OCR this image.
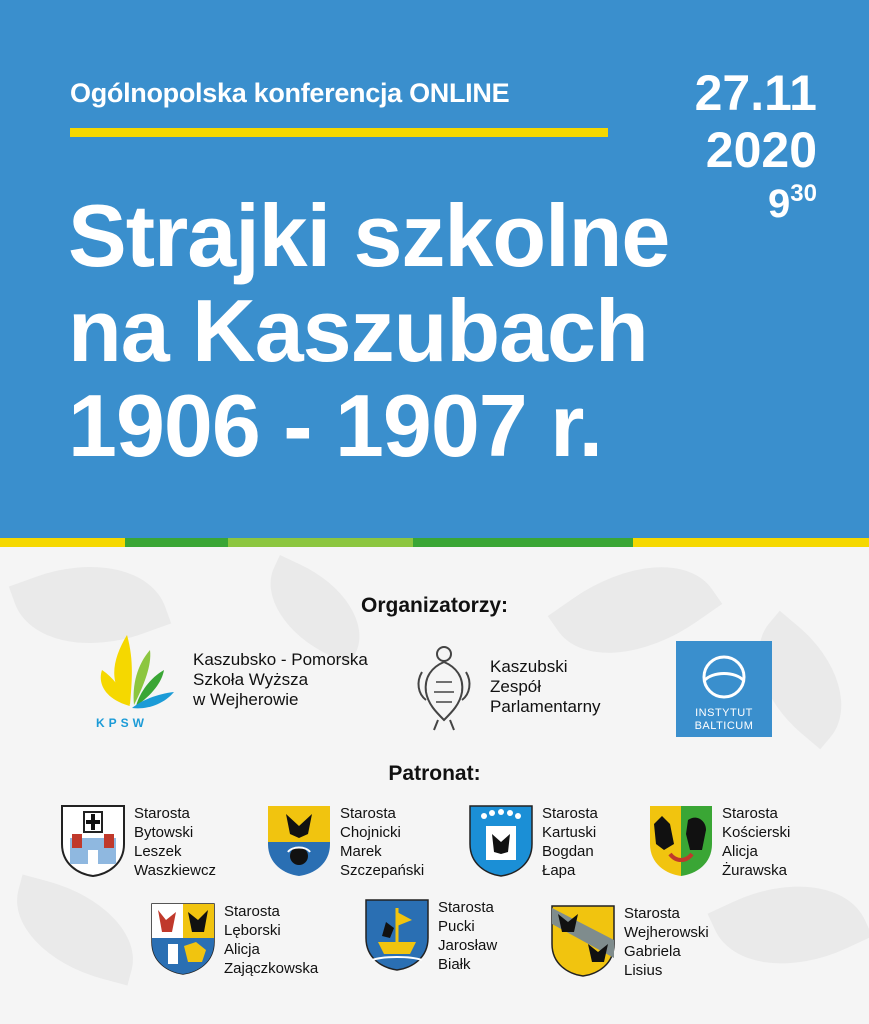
Ogólnopolska konferencja ONLINE	27.11
2020
$9^{30}$
Strajki szkolne
na Kaszubach
1906 - 1907 r.
Organizatorzy:
KPSW
Kaszubsko - Pomorska
Szkoła Wyższa
w Wejherowie
Kaszubski
Zespół
Parlamentarny	INSTYTUT
BALTICUM
Patronat:
Starosta
Bytowski
Leszek
Waszkiewcz
Starosta
Chojnicki
Marek
Szczepański
Starosta
Kartuski
Bogdan
Łapa
Starosta
Kościerski
Alicja
Żurawska
Starosta
Lęborski
Alicja
Zajączkowska
Starosta
Pucki
Jarosław
Białk
Starosta
Wejherowski
Gabriela
Lisius
